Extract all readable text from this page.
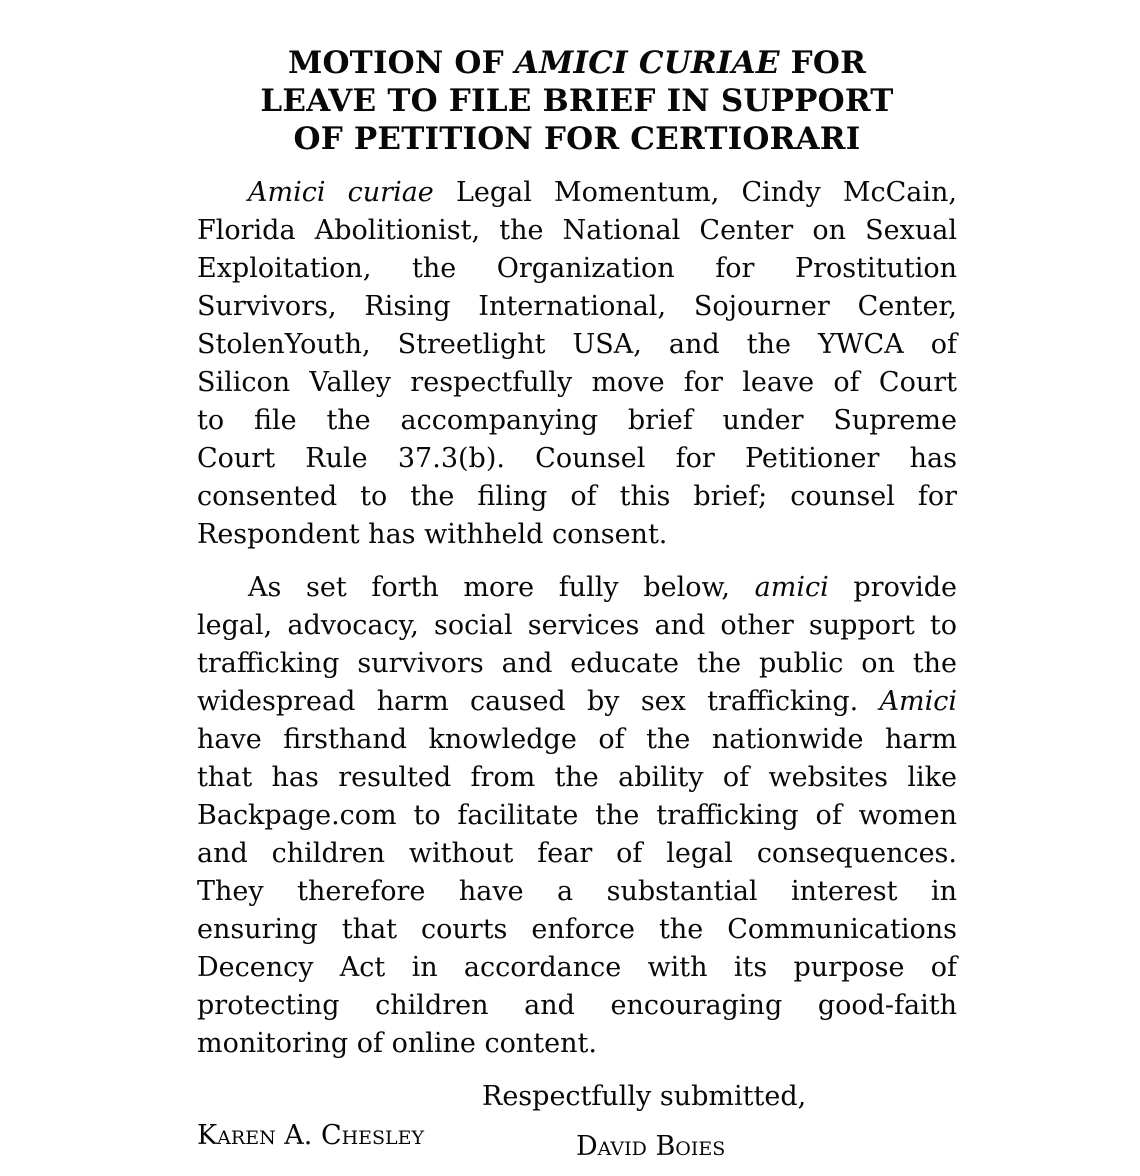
MOTION OF AMICI CURIAE FOR
LEAVE TO FILE BRIEF IN SUPPORT
OF PETITION FOR CERTIORARI
Amici curiae Legal Momentum, Cindy McCain,
Florida Abolitionist, the National Center on Sexual
Exploitation, the Organization for Prostitution
Survivors, Rising International, Sojourner Center,
StolenYouth, Streetlight USA, and the YWCA of
Silicon Valley respectfully move for leave of Court
to file the accompanying brief under Supreme
Court Rule 37.3(b). Counsel for Petitioner has
consented to the filing of this brief; counsel for
Respondent has withheld consent.
As set forth more fully below, amici provide
legal, advocacy, social services and other support to
trafficking survivors and educate the public on the
widespread harm caused by sex trafficking. Amici
have firsthand knowledge of the nationwide harm
that has resulted from the ability of websites like
Backpage.com to facilitate the trafficking of women
and children without fear of legal consequences.
They therefore have a substantial interest in
ensuring that courts enforce the Communications
Decency Act in accordance with its purpose of
protecting children and encouraging good-faith
monitoring of online content.
Respectfully submitted,
Karen A. Chesley	David Boies
